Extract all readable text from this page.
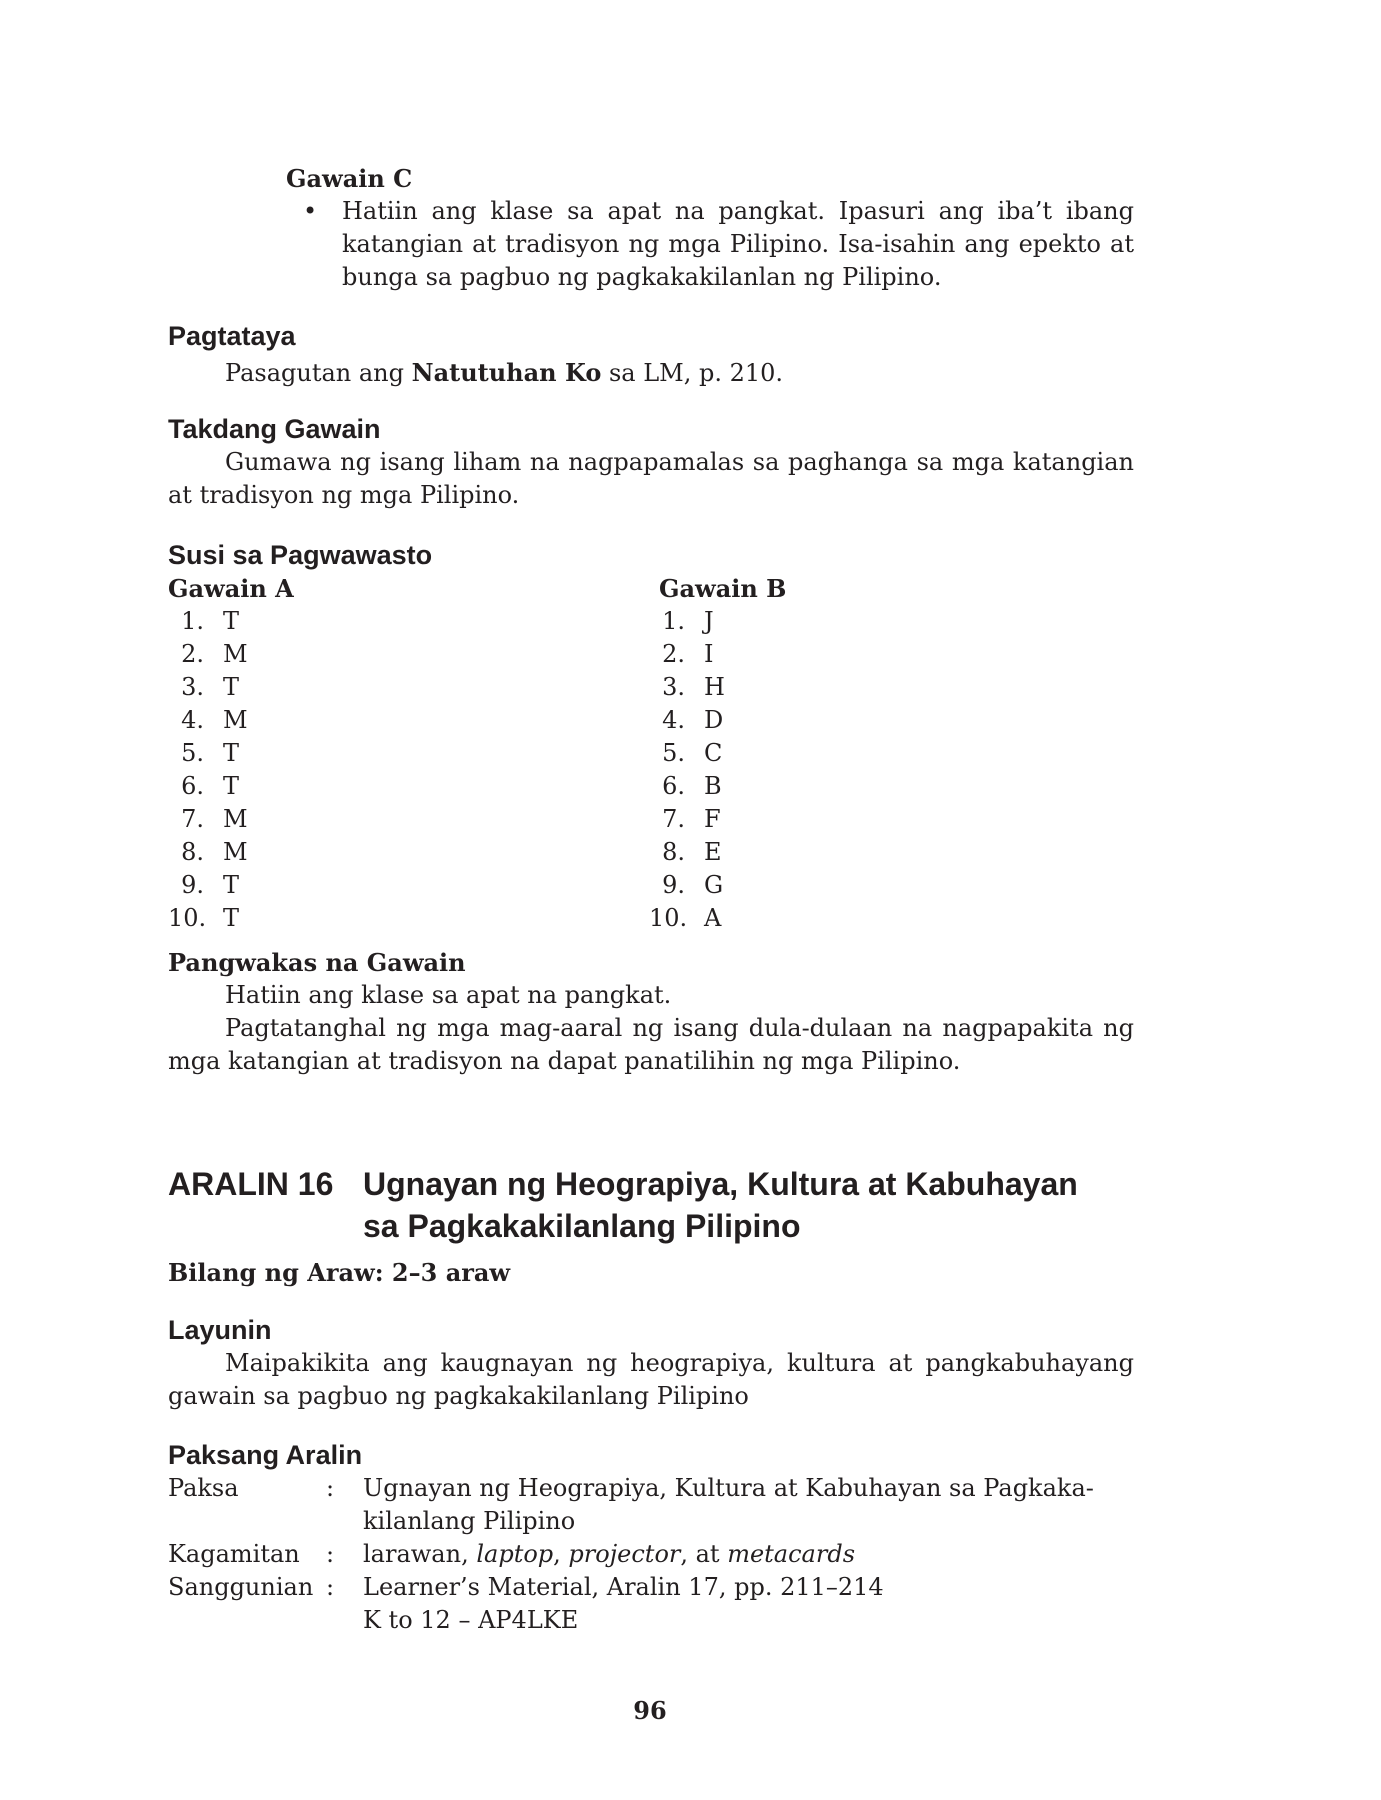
Gawain C
• Hatiin ang klase sa apat na pangkat. Ipasuri ang iba’t ibang katangian at tradisyon ng mga Pilipino. Isa-isahin ang epekto at bunga sa pagbuo ng pagkakakilanlan ng Pilipino.
Pagtataya
Pasagutan ang Natutuhan Ko sa LM, p. 210.
Takdang Gawain
Gumawa ng isang liham na nagpapamalas sa paghanga sa mga katangian at tradisyon ng mga Pilipino.
Susi sa Pagwawasto
Gawain A	Gawain B
1. T
2. M
3. T
4. M
5. T
6. T
7. M
8. M
9. T
10. T
1. J
2. I
3. H
4. D
5. C
6. B
7. F
8. E
9. G
10. A
Pangwakas na Gawain
Hatiin ang klase sa apat na pangkat.
Pagtatanghal ng mga mag-aaral ng isang dula-dulaan na nagpapakita ng mga katangian at tradisyon na dapat panatilihin ng mga Pilipino.
ARALIN 16 Ugnayan ng Heograpiya, Kultura at Kabuhayan
sa Pagkakakilanlang Pilipino
Bilang ng Araw: 2–3 araw
Layunin
Maipakikita ang kaugnayan ng heograpiya, kultura at pangkabuhayang gawain sa pagbuo ng pagkakakilanlang Pilipino
Paksang Aralin
Paksa	: Ugnayan ng Heograpiya, Kultura at Kabuhayan sa Pagkaka-
kilanlang Pilipino
Kagamitan : larawan, laptop, projector, at metacards
Sanggunian : Learner’s Material, Aralin 17, pp. 211–214
K to 12 – AP4LKE
96
